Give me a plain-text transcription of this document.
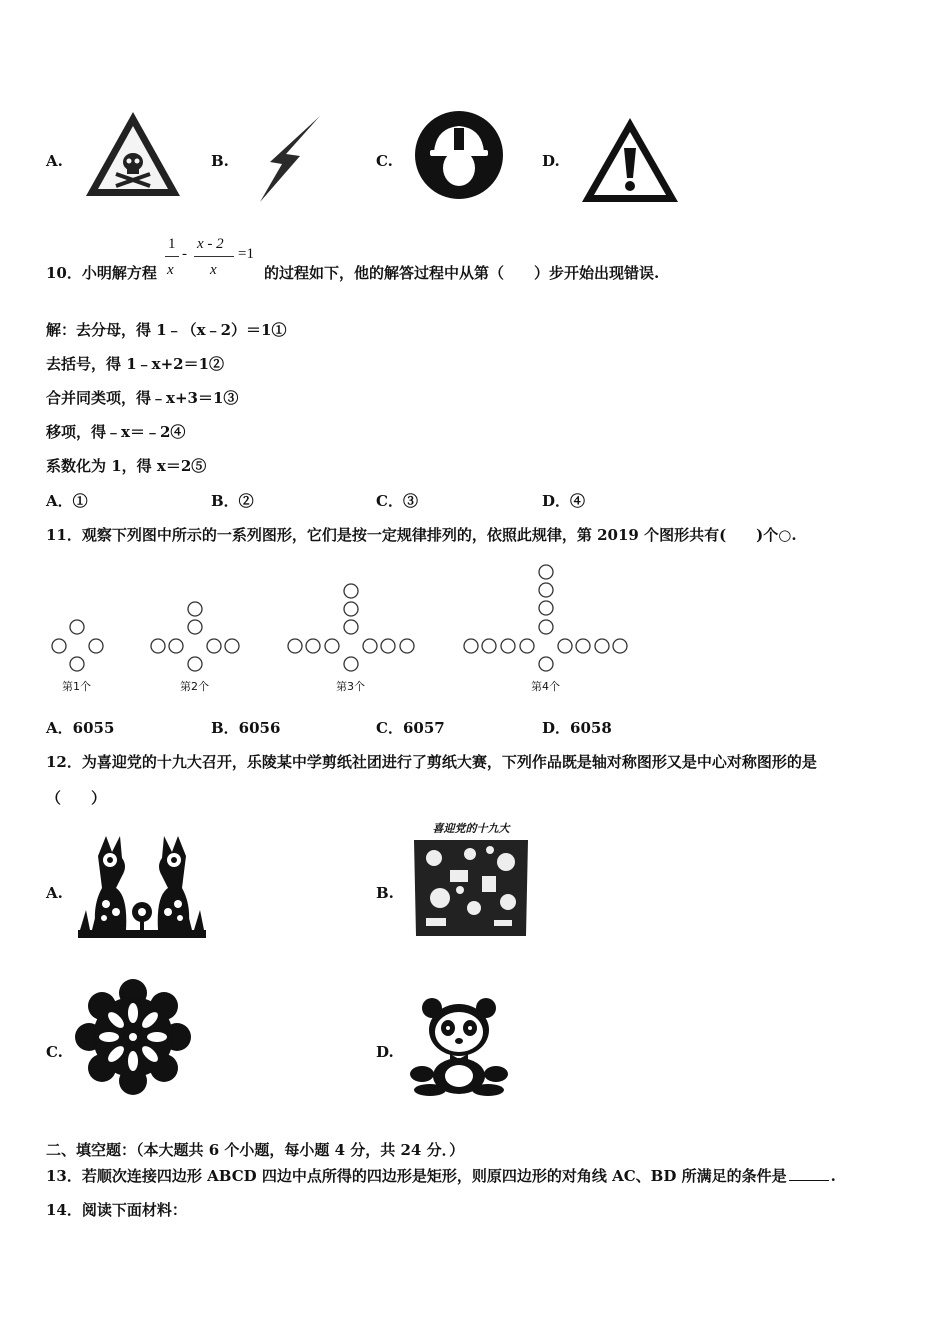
A.	B.	C.	D.
10．小明解方程
1
x
-
x - 2
x
=1
的过程如下，他的解答过程中从第（　　）步开始出现错误.
解：去分母，得 1﹣（x﹣2）＝1①
去括号，得 1﹣x+2＝1②
合并同类项，得﹣x+3＝1③
移项，得﹣x＝﹣2④
系数化为 1，得 x＝2⑤
A．①	B．②	C．③	D．④
11．观察下列图中所示的一系列图形，它们是按一定规律排列的，依照此规律，第 2019 个图形共有(　　)个○.
第1个	第2个	第3个	第4个
A．6055	B．6056	C．6057	D．6058
12．为喜迎党的十九大召开，乐陵某中学剪纸社团进行了剪纸大赛，下列作品既是轴对称图形又是中心对称图形的是
（　　）
A.	B.
喜迎党的十九大
C.	D.
二、填空题：（本大题共 6 个小题，每小题 4 分，共 24 分．）
13．若顺次连接四边形 ABCD 四边中点所得的四边形是矩形，则原四边形的对角线 AC、BD 所满足的条件是	.
14．阅读下面材料：
